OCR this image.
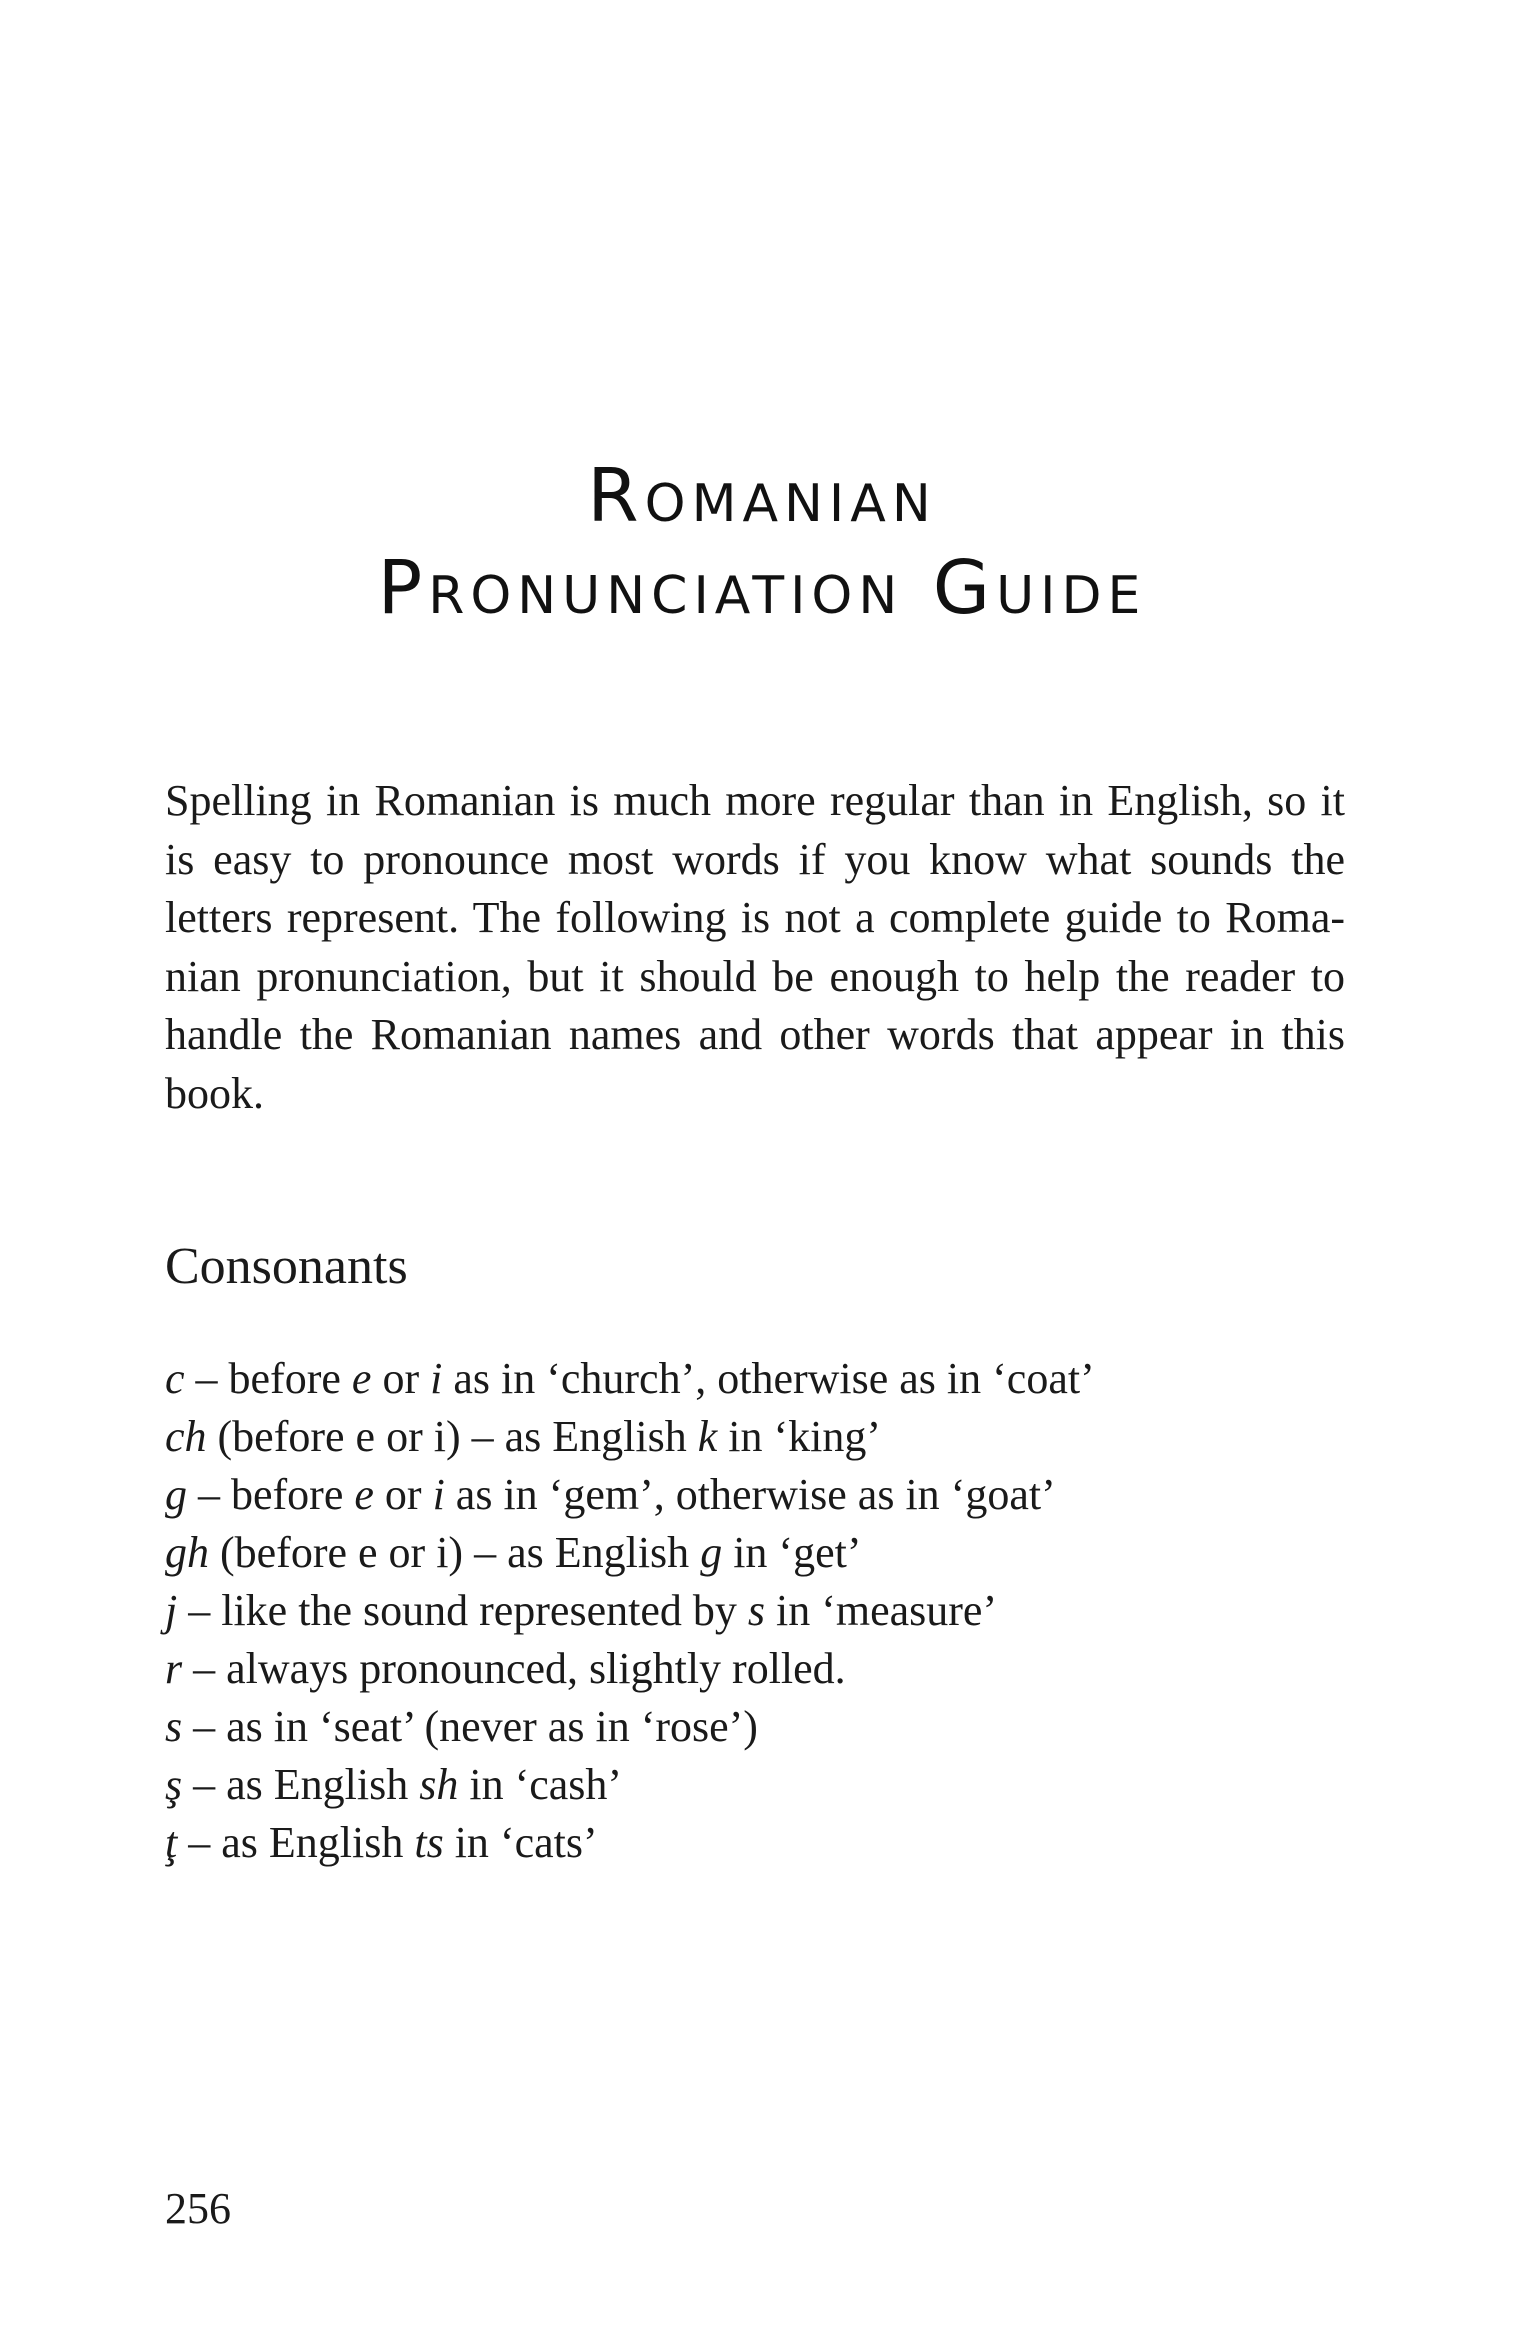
Romanian
Pronunciation Guide

Spelling in Romanian is much more regular than in English, so it is easy to pronounce most words if you know what sounds the letters represent. The following is not a complete guide to Romanian pronunciation, but it should be enough to help the reader to handle the Romanian names and other words that appear in this book.

Consonants
c – before e or i as in ‘church’, otherwise as in ‘coat’
ch (before e or i) – as English k in ‘king’
g – before e or i as in ‘gem’, otherwise as in ‘goat’
gh (before e or i) – as English g in ‘get’
j – like the sound represented by s in ‘measure’
r – always pronounced, slightly rolled.
s – as in ‘seat’ (never as in ‘rose’)
ş – as English sh in ‘cash’
ţ – as English ts in ‘cats’
256
